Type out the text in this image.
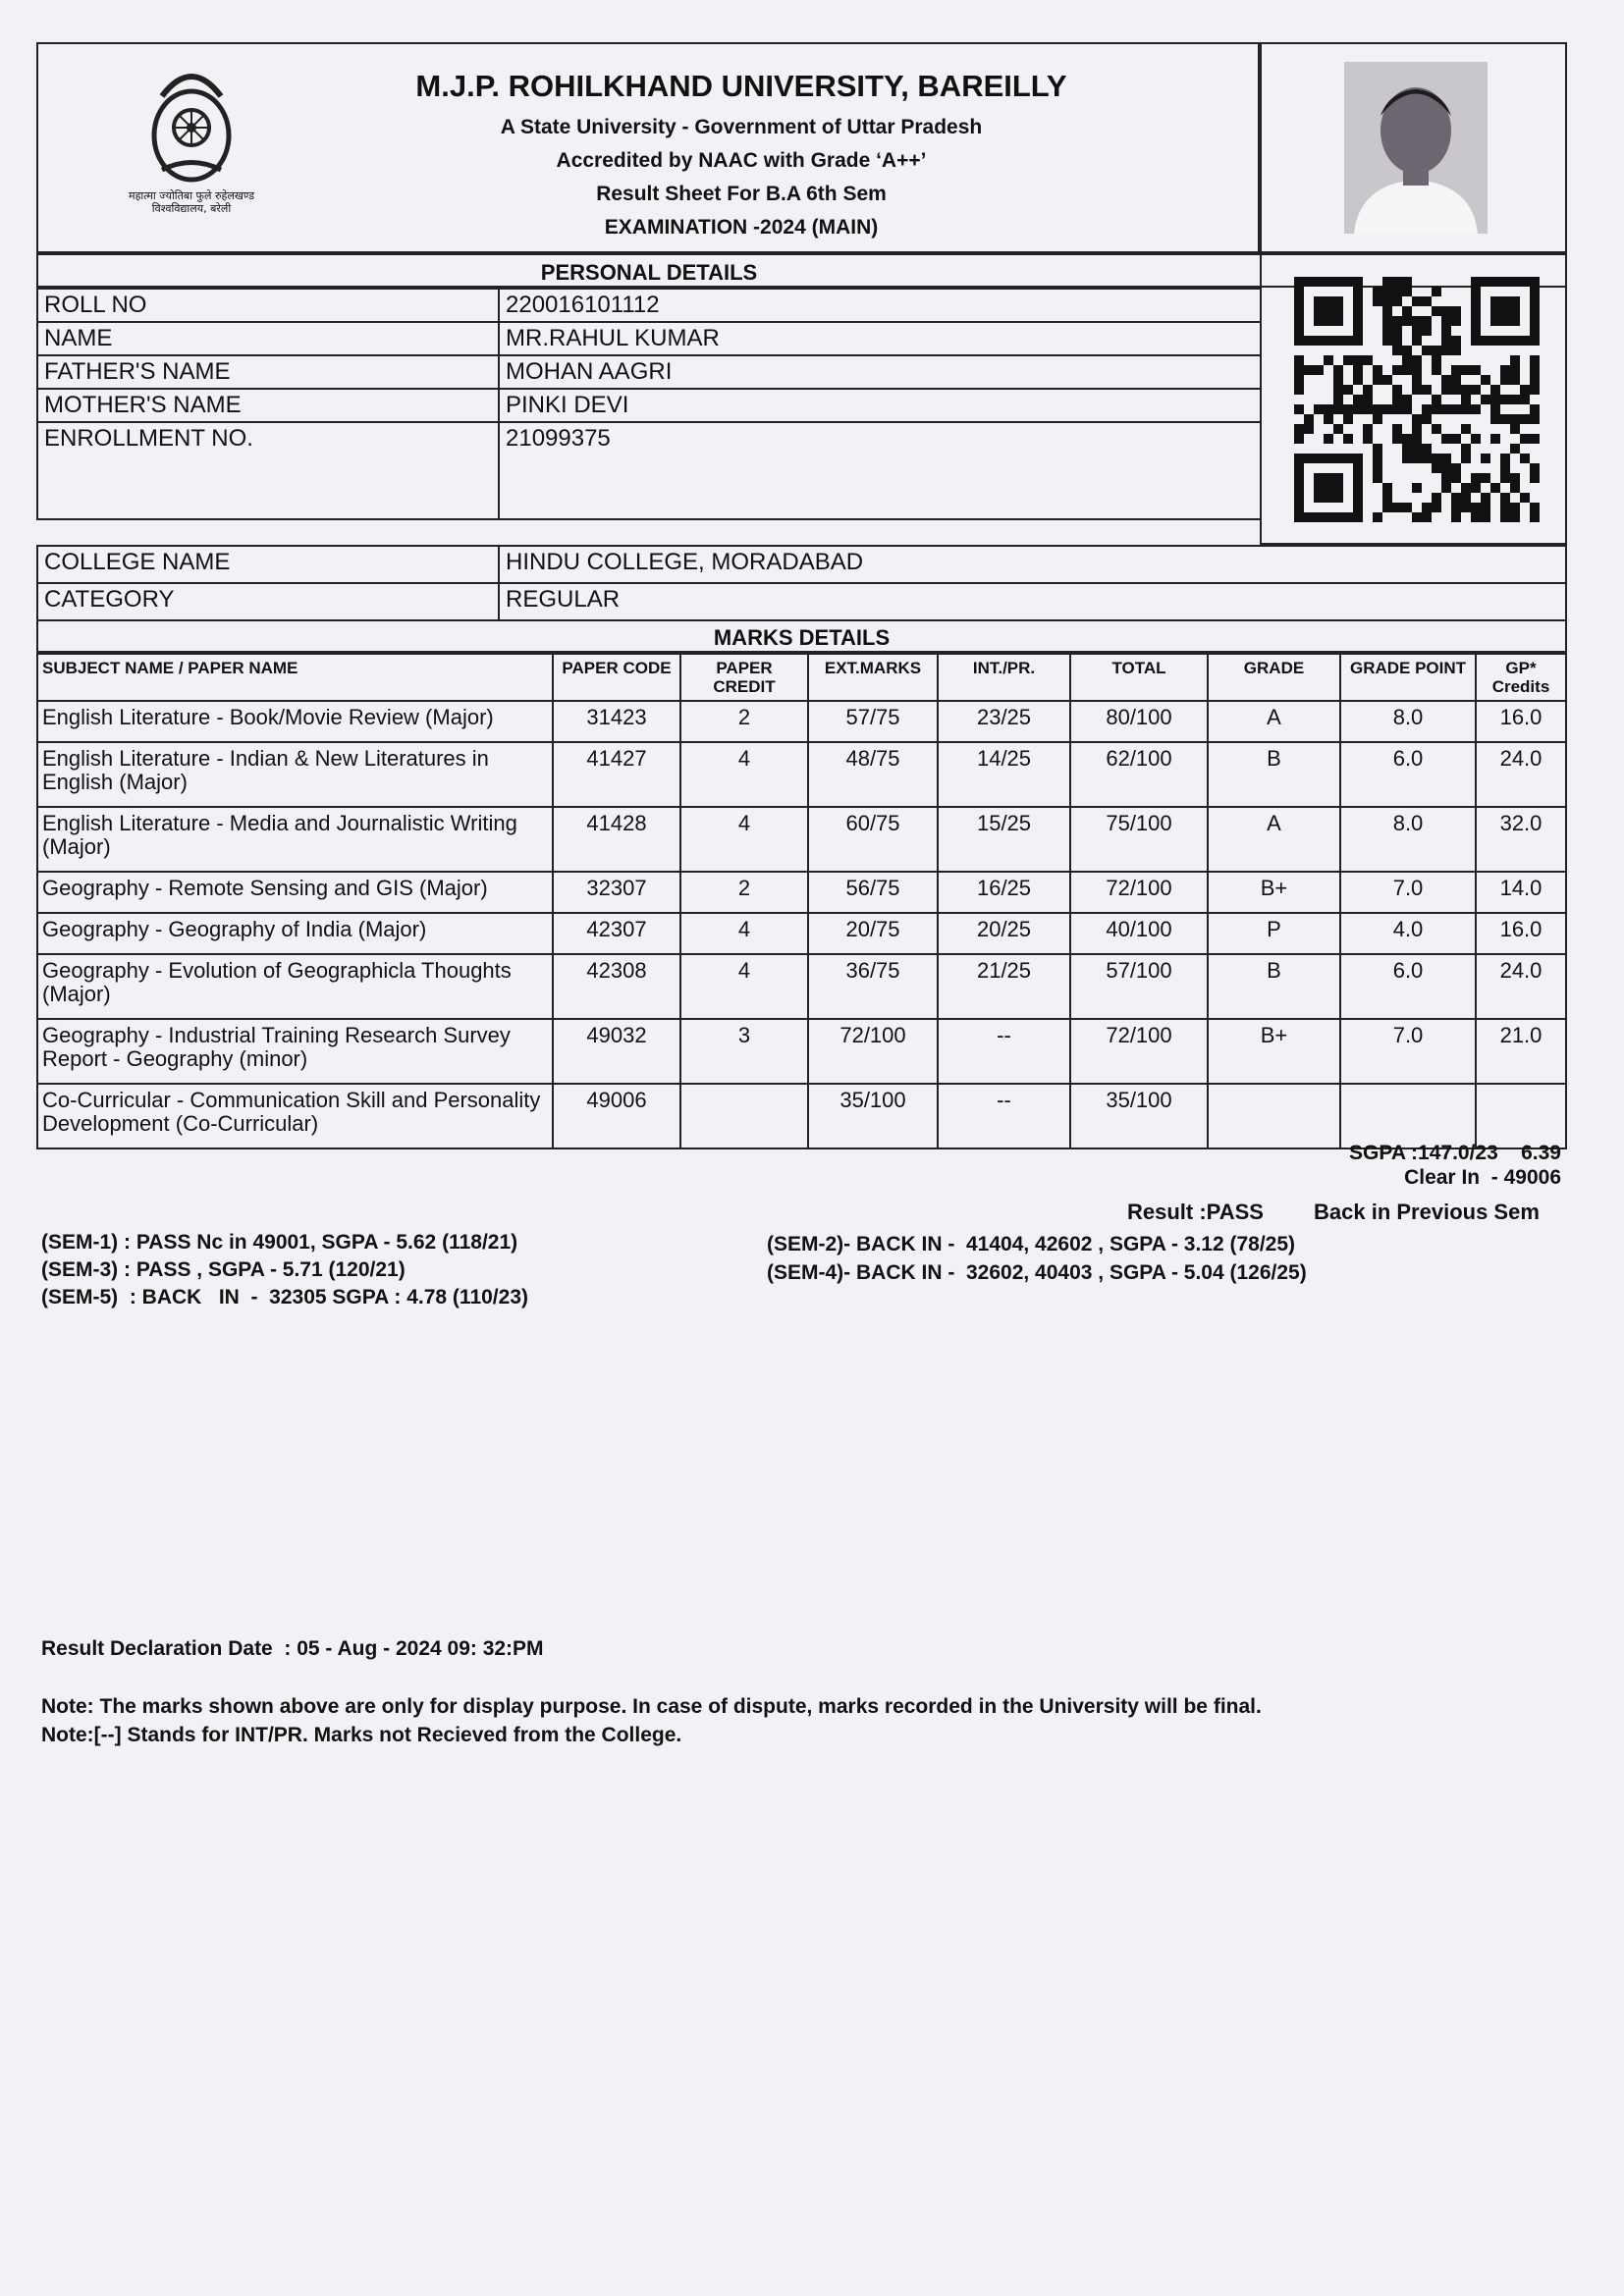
महात्मा ज्योतिबा फुले रुहेलखण्ड विश्वविद्यालय, बरेली
M.J.P. ROHILKHAND UNIVERSITY, BAREILLY
A State University - Government of Uttar Pradesh
Accredited by NAAC with Grade ‘A++’
Result Sheet For B.A 6th Sem
EXAMINATION -2024 (MAIN)
PERSONAL DETAILS
ROLL NO	220016101112
NAME	MR.RAHUL KUMAR
FATHER'S NAME	MOHAN AAGRI
MOTHER'S NAME	PINKI DEVI
ENROLLMENT NO.	21099375
COLLEGE NAME	HINDU COLLEGE, MORADABAD
CATEGORY	REGULAR
MARKS DETAILS
SUBJECT NAME / PAPER NAME	PAPER CODE	PAPER CREDIT	EXT.MARKS	INT./PR.	TOTAL	GRADE	GRADE POINT	GP* Credits
English Literature - Book/Movie Review (Major)	31423	2	57/75	23/25	80/100	A	8.0	16.0
English Literature - Indian & New Literatures in English (Major)	41427	4	48/75	14/25	62/100	B	6.0	24.0
English Literature - Media and Journalistic Writing (Major)	41428	4	60/75	15/25	75/100	A	8.0	32.0
Geography - Remote Sensing and GIS (Major)	32307	2	56/75	16/25	72/100	B+	7.0	14.0
Geography - Geography of India (Major)	42307	4	20/75	20/25	40/100	P	4.0	16.0
Geography - Evolution of Geographicla Thoughts (Major)	42308	4	36/75	21/25	57/100	B	6.0	24.0
Geography - Industrial Training Research Survey Report - Geography (minor)	49032	3	72/100	--	72/100	B+	7.0	21.0
Co-Curricular - Communication Skill and Personality Development (Co-Curricular)	49006		35/100	--	35/100			
SGPA :147.0/23    6.39
Clear In  - 49006
Result :PASS Back in Previous Sem
(SEM-1) : PASS Nc in 49001, SGPA - 5.62 (118/21)
(SEM-3) : PASS , SGPA - 5.71 (120/21)
(SEM-5)  : BACK   IN  -  32305 SGPA : 4.78 (110/23)
(SEM-2)- BACK IN -  41404, 42602 , SGPA - 3.12 (78/25)
(SEM-4)- BACK IN -  32602, 40403 , SGPA - 5.04 (126/25)
Result Declaration Date  : 05 - Aug - 2024 09: 32:PM
Note: The marks shown above are only for display purpose. In case of dispute, marks recorded in the University will be final.
Note:[--] Stands for INT/PR. Marks not Recieved from the College.
